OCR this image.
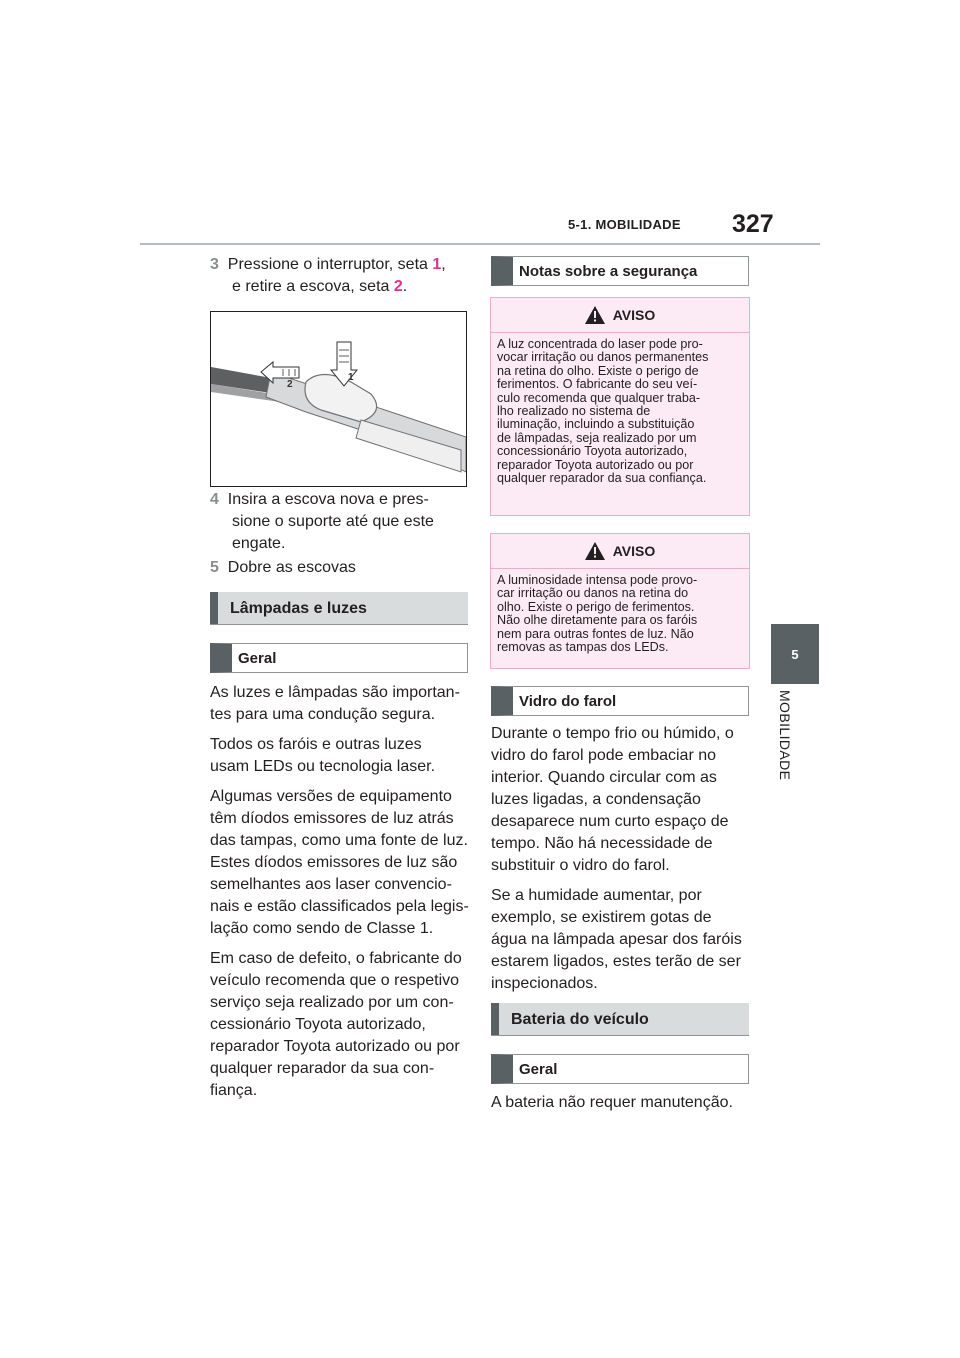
5-1. MOBILIDADE 327
5
MOBILIDADE
3 Pressione o interruptor, seta 1,
e retire a escova, seta 2.
2
1
4 Insira a escova nova e pres-
sione o suporte até que este
engate.
5 Dobre as escovas
Lâmpadas e luzes
Geral
As luzes e lâmpadas são importan-
tes para uma condução segura.
Todos os faróis e outras luzes
usam LEDs ou tecnologia laser.
Algumas versões de equipamento
têm díodos emissores de luz atrás
das tampas, como uma fonte de luz.
Estes díodos emissores de luz são
semelhantes aos laser convencio-
nais e estão classificados pela legis-
lação como sendo de Classe 1.
Em caso de defeito, o fabricante do
veículo recomenda que o respetivo
serviço seja realizado por um con-
cessionário Toyota autorizado,
reparador Toyota autorizado ou por
qualquer reparador da sua con-
fiança.
Notas sobre a segurança
AVISO
A luz concentrada do laser pode pro-
vocar irritação ou danos permanentes
na retina do olho. Existe o perigo de
ferimentos. O fabricante do seu veí-
culo recomenda que qualquer traba-
lho realizado no sistema de
iluminação, incluindo a substituição
de lâmpadas, seja realizado por um
concessionário Toyota autorizado,
reparador Toyota autorizado ou por
qualquer reparador da sua confiança.
AVISO
A luminosidade intensa pode provo-
car irritação ou danos na retina do
olho. Existe o perigo de ferimentos.
Não olhe diretamente para os faróis
nem para outras fontes de luz. Não
removas as tampas dos LEDs.
Vidro do farol
Durante o tempo frio ou húmido, o
vidro do farol pode embaciar no
interior. Quando circular com as
luzes ligadas, a condensação
desaparece num curto espaço de
tempo. Não há necessidade de
substituir o vidro do farol.
Se a humidade aumentar, por
exemplo, se existirem gotas de
água na lâmpada apesar dos faróis
estarem ligados, estes terão de ser
inspecionados.
Bateria do veículo
Geral
A bateria não requer manutenção.
